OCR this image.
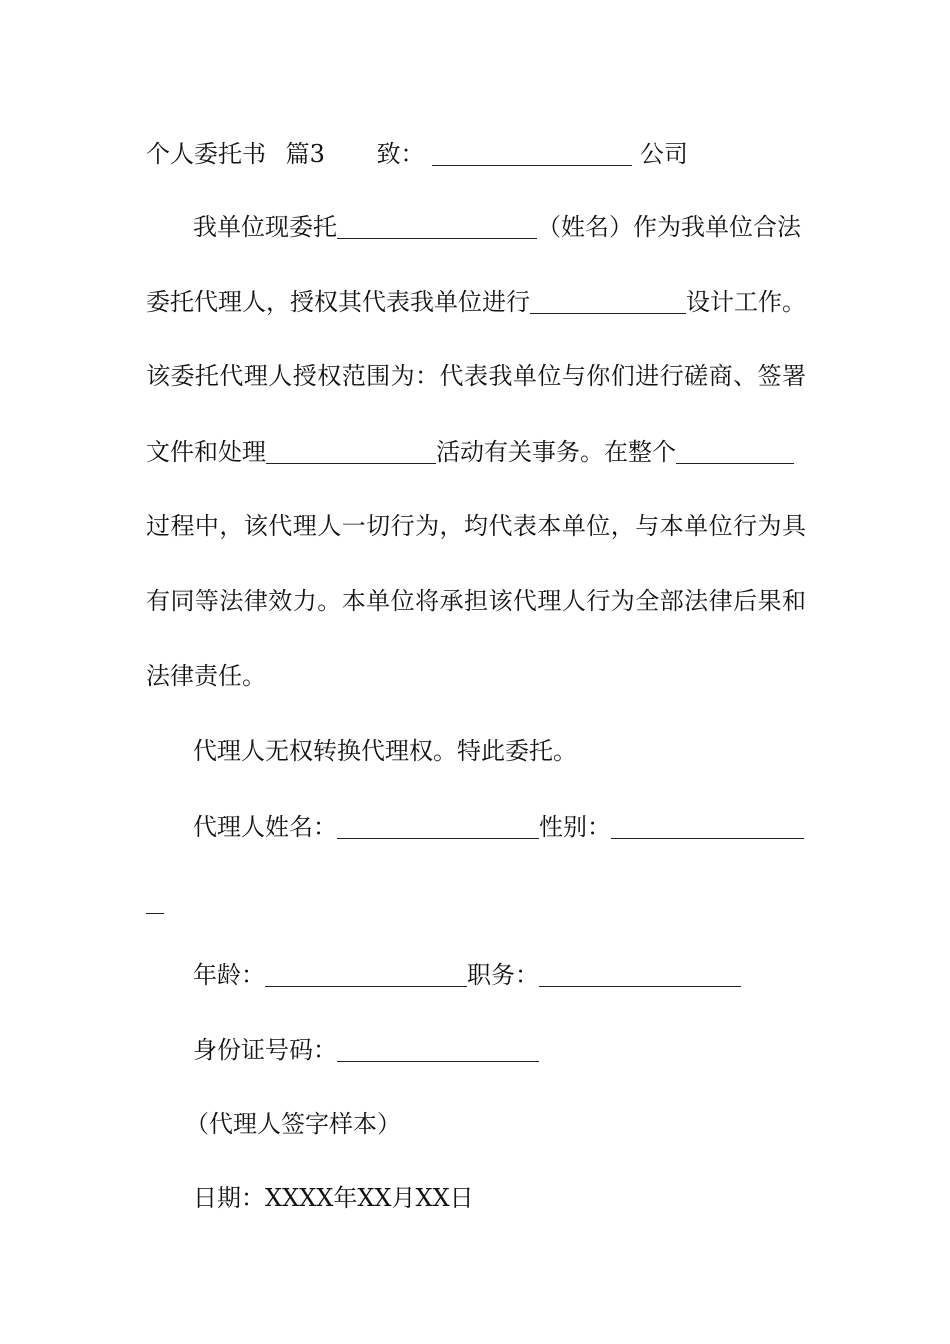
个人委托书 篇3 致：	公司
我单位现委托	（姓名）作为我单位合法
委托代理人，授权其代表我单位进行	设计工作。
该委托代理人授权范围为：代表我单位与你们进行磋商、签署
文件和处理	活动有关事务。在整个
过程中，该代理人一切行为，均代表本单位，与本单位行为具
有同等法律效力。本单位将承担该代理人行为全部法律后果和
法律责任。
代理人无权转换代理权。特此委托。
代理人姓名：	性别：
年龄：	职务：
身份证号码：
（代理人签字样本）
日期：XXXX年XX月XX日
